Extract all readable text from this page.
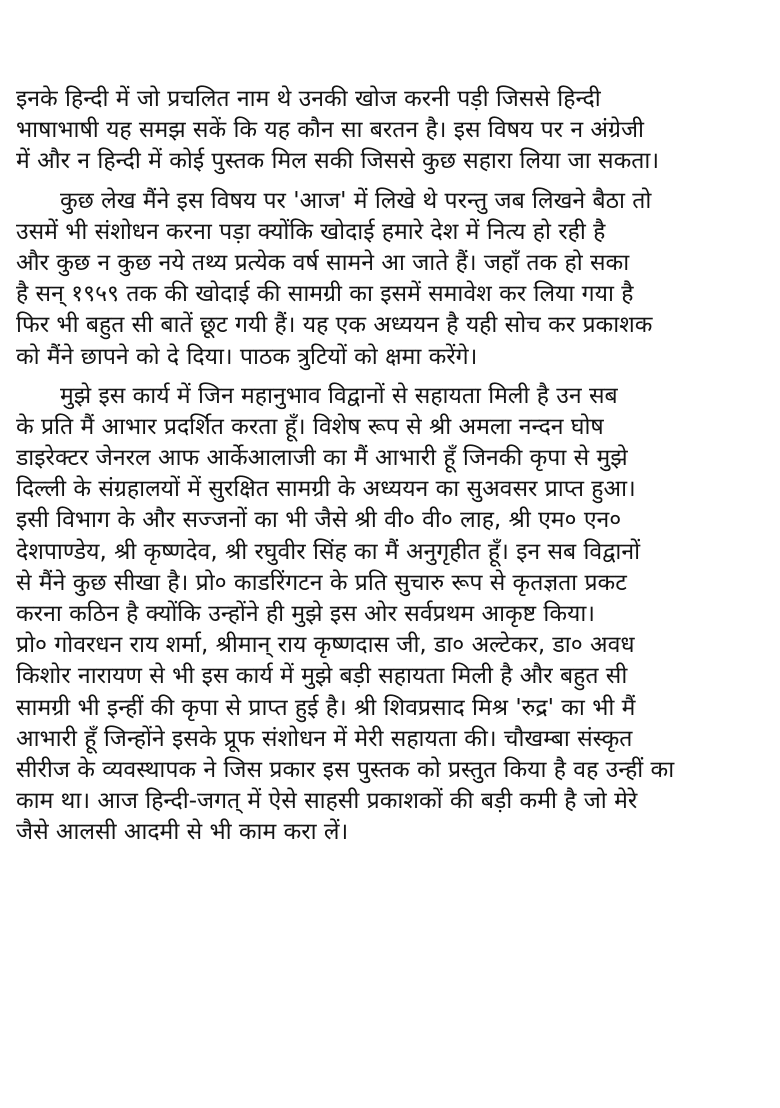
इनके हिन्दी में जो प्रचलित नाम थे उनकी खोज करनी पड़ी जिससे हिन्दी
भाषाभाषी यह समझ सकें कि यह कौन सा बरतन है। इस विषय पर न अंग्रेजी
में और न हिन्दी में कोई पुस्तक मिल सकी जिससे कुछ सहारा लिया जा सकता।
कुछ लेख मैंने इस विषय पर 'आज' में लिखे थे परन्तु जब लिखने बैठा तो
उसमें भी संशोधन करना पड़ा क्योंकि खोदाई हमारे देश में नित्य हो रही है
और कुछ न कुछ नये तथ्य प्रत्येक वर्ष सामने आ जाते हैं। जहाँ तक हो सका
है सन् १९५९ तक की खोदाई की सामग्री का इसमें समावेश कर लिया गया है
फिर भी बहुत सी बातें छूट गयी हैं। यह एक अध्ययन है यही सोच कर प्रकाशक
को मैंने छापने को दे दिया। पाठक त्रुटियों को क्षमा करेंगे।
मुझे इस कार्य में जिन महानुभाव विद्वानों से सहायता मिली है उन सब
के प्रति मैं आभार प्रदर्शित करता हूँ। विशेष रूप से श्री अमला नन्दन घोष
डाइरेक्टर जेनरल आफ आर्केआलाजी का मैं आभारी हूँ जिनकी कृपा से मुझे
दिल्ली के संग्रहालयों में सुरक्षित सामग्री के अध्ययन का सुअवसर प्राप्त हुआ।
इसी विभाग के और सज्जनों का भी जैसे श्री वी० वी० लाह, श्री एम० एन०
देशपाण्डेय, श्री कृष्णदेव, श्री रघुवीर सिंह का मैं अनुगृहीत हूँ। इन सब विद्वानों
से मैंने कुछ सीखा है। प्रो० काडरिंगटन के प्रति सुचारु रूप से कृतज्ञता प्रकट
करना कठिन है क्योंकि उन्होंने ही मुझे इस ओर सर्वप्रथम आकृष्ट किया।
प्रो० गोवरधन राय शर्मा, श्रीमान् राय कृष्णदास जी, डा० अल्टेकर, डा० अवध
किशोर नारायण से भी इस कार्य में मुझे बड़ी सहायता मिली है और बहुत सी
सामग्री भी इन्हीं की कृपा से प्राप्त हुई है। श्री शिवप्रसाद मिश्र 'रुद्र' का भी मैं
आभारी हूँ जिन्होंने इसके प्रूफ संशोधन में मेरी सहायता की। चौखम्बा संस्कृत
सीरीज के व्यवस्थापक ने जिस प्रकार इस पुस्तक को प्रस्तुत किया है वह उन्हीं का
काम था। आज हिन्दी-जगत् में ऐसे साहसी प्रकाशकों की बड़ी कमी है जो मेरे
जैसे आलसी आदमी से भी काम करा लें।
